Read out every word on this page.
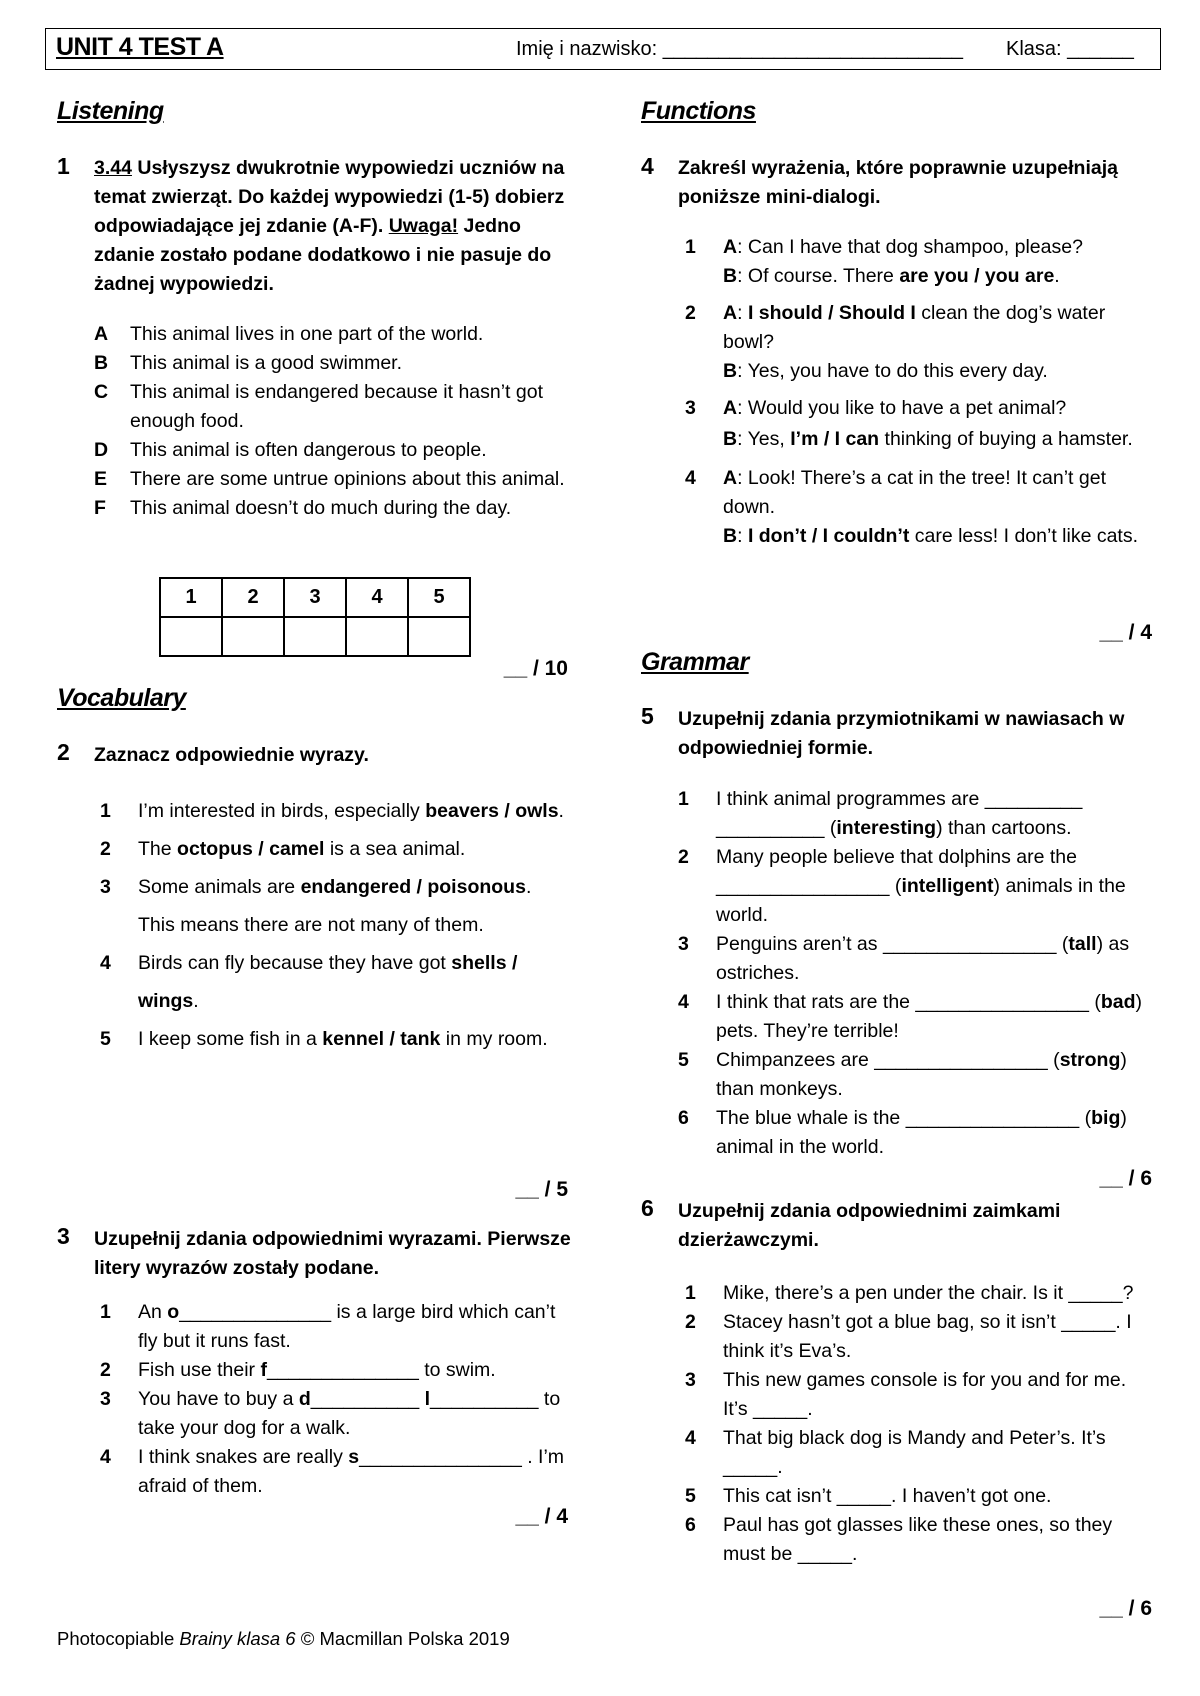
UNIT 4 TEST A	Imię i nazwisko: ___________________________ Klasa: ______
Listening
1 3.44 Usłyszysz dwukrotnie wypowiedzi uczniów na temat zwierząt. Do każdej wypowiedzi (1-5) dobierz odpowiadające jej zdanie (A-F). Uwaga! Jedno zdanie zostało podane dodatkowo i nie pasuje do żadnej wypowiedzi.
A	This animal lives in one part of the world.
B	This animal is a good swimmer.
C	This animal is endangered because it hasn’t got enough food.
D	This animal is often dangerous to people.
E	There are some untrue opinions about this animal.
F	This animal doesn’t do much during the day.
1	2	3	4	5

__ / 10
Vocabulary
2 Zaznacz odpowiednie wyrazy.
1	I’m interested in birds, especially beavers / owls.
2	The octopus / camel is a sea animal.
3	Some animals are endangered / poisonous. This means there are not many of them.
4	Birds can fly because they have got shells / wings.
5	I keep some fish in a kennel / tank in my room.
__ / 5
3 Uzupełnij zdania odpowiednimi wyrazami. Pierwsze litery wyrazów zostały podane.
1	An o______________ is a large bird which can’t fly but it runs fast.
2	Fish use their f______________ to swim.
3	You have to buy a d__________ l__________ to take your dog for a walk.
4	I think snakes are really s_______________ . I’m afraid of them.
__ / 4
Functions
4 Zakreśl wyrażenia, które poprawnie uzupełniają poniższe mini-dialogi.
1	A: Can I have that dog shampoo, please?
B: Of course. There are you / you are.
2	A: I should / Should I clean the dog’s water bowl?
B: Yes, you have to do this every day.
3	A: Would you like to have a pet animal?
B: Yes, I’m / I can thinking of buying a hamster.
4	A: Look! There’s a cat in the tree! It can’t get down.
B: I don’t / I couldn’t care less! I don’t like cats.
__ / 4
Grammar
5 Uzupełnij zdania przymiotnikami w nawiasach w odpowiedniej formie.
1	I think animal programmes are _________ __________ (interesting) than cartoons.
2	Many people believe that dolphins are the ________________ (intelligent) animals in the world.
3	Penguins aren’t as ________________ (tall) as ostriches.
4	I think that rats are the ________________ (bad) pets. They’re terrible!
5	Chimpanzees are ________________ (strong) than monkeys.
6	The blue whale is the ________________ (big) animal in the world.
__ / 6
6 Uzupełnij zdania odpowiednimi zaimkami dzierżawczymi.
1	Mike, there’s a pen under the chair. Is it _____?
2	Stacey hasn’t got a blue bag, so it isn’t _____. I think it’s Eva’s.
3	This new games console is for you and for me. It’s _____.
4	That big black dog is Mandy and Peter’s. It’s _____.
5	This cat isn’t _____. I haven’t got one.
6	Paul has got glasses like these ones, so they must be _____.
__ / 6
Photocopiable Brainy klasa 6 © Macmillan Polska 2019
